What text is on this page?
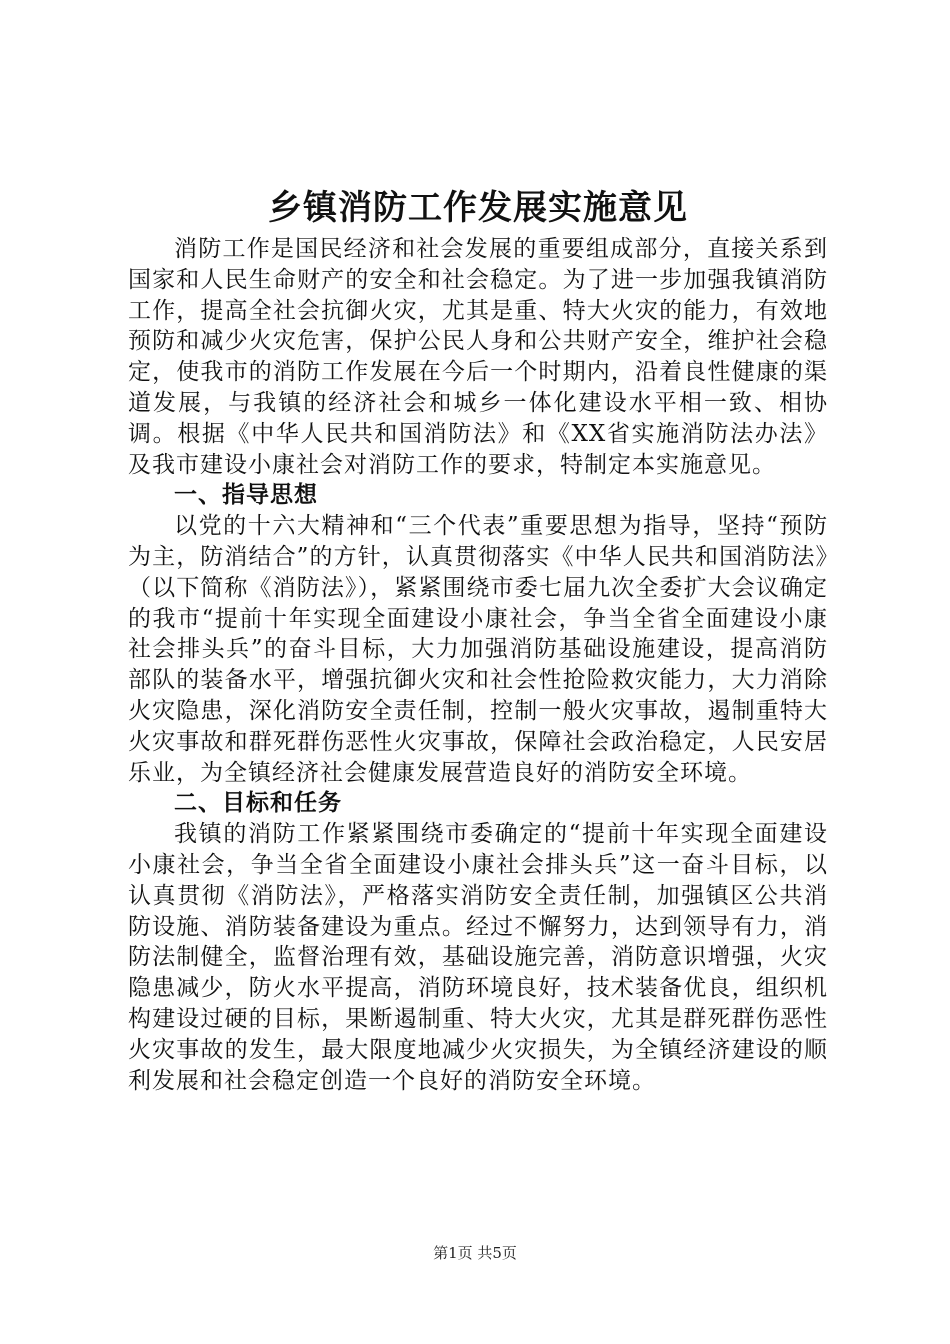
乡镇消防工作发展实施意见

消防工作是国民经济和社会发展的重要组成部分，直接关系到国家和人民生命财产的安全和社会稳定。为了进一步加强我镇消防工作，提高全社会抗御火灾，尤其是重、特大火灾的能力，有效地预防和减少火灾危害，保护公民人身和公共财产安全，维护社会稳定，使我市的消防工作发展在今后一个时期内，沿着良性健康的渠道发展，与我镇的经济社会和城乡一体化建设水平相一致、相协调。根据《中华人民共和国消防法》和《XX省实施消防法办法》及我市建设小康社会对消防工作的要求，特制定本实施意见。

一、指导思想

以党的十六大精神和“三个代表”重要思想为指导，坚持“预防为主，防消结合”的方针，认真贯彻落实《中华人民共和国消防法》（以下简称《消防法》），紧紧围绕市委七届九次全委扩大会议确定的我市“提前十年实现全面建设小康社会，争当全省全面建设小康社会排头兵”的奋斗目标，大力加强消防基础设施建设，提高消防部队的装备水平，增强抗御火灾和社会性抢险救灾能力，大力消除火灾隐患，深化消防安全责任制，控制一般火灾事故，遏制重特大火灾事故和群死群伤恶性火灾事故，保障社会政治稳定，人民安居乐业，为全镇经济社会健康发展营造良好的消防安全环境。

二、目标和任务

我镇的消防工作紧紧围绕市委确定的“提前十年实现全面建设小康社会，争当全省全面建设小康社会排头兵”这一奋斗目标，以认真贯彻《消防法》，严格落实消防安全责任制，加强镇区公共消防设施、消防装备建设为重点。经过不懈努力，达到领导有力，消防法制健全，监督治理有效，基础设施完善，消防意识增强，火灾隐患减少，防火水平提高，消防环境良好，技术装备优良，组织机构建设过硬的目标，果断遏制重、特大火灾，尤其是群死群伤恶性火灾事故的发生，最大限度地减少火灾损失，为全镇经济建设的顺利发展和社会稳定创造一个良好的消防安全环境。

第1页 共5页
